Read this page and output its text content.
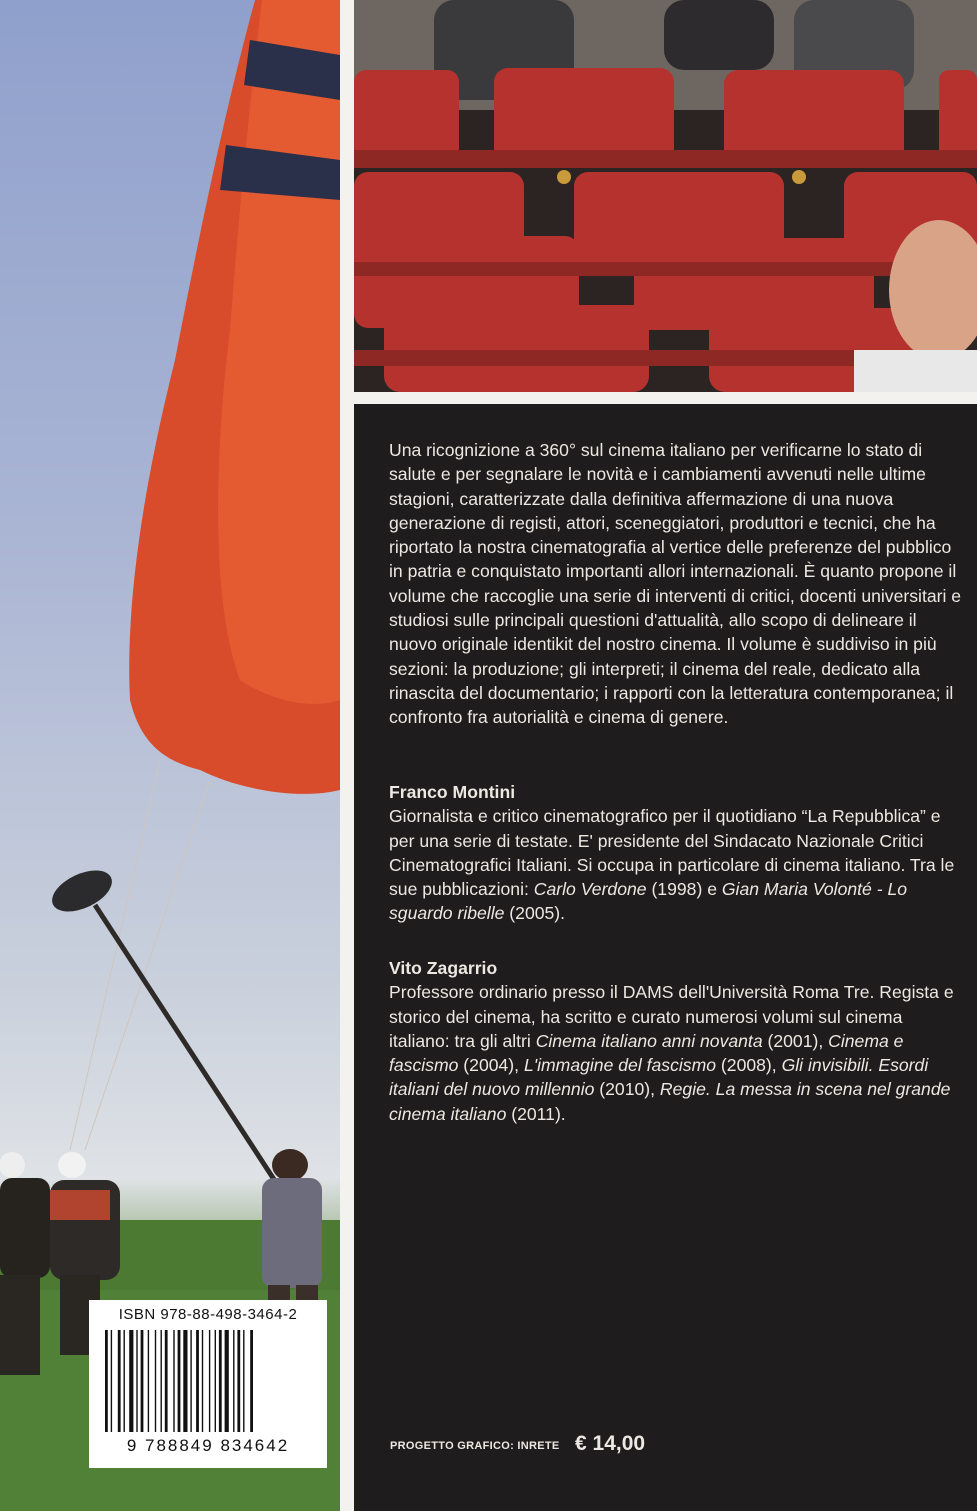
Una ricognizione a 360° sul cinema italiano per verificarne lo stato di salute e per segnalare le novità e i cambiamenti avvenuti nelle ultime stagioni, caratterizzate dalla definitiva affermazione di una nuova generazione di registi, attori, sceneggiatori, produttori e tecnici, che ha riportato la nostra cinematografia al vertice delle preferenze del pubblico in patria e conquistato importanti allori internazionali. È quanto propone il volume che raccoglie una serie di interventi di critici, docenti universitari e studiosi sulle principali questioni d'attualità, allo scopo di delineare il nuovo originale identikit del nostro cinema. Il volume è suddiviso in più sezioni: la produzione; gli interpreti; il cinema del reale, dedicato alla rinascita del documentario; i rapporti con la letteratura contemporanea; il confronto fra autorialità e cinema di genere.

Franco Montini
Giornalista e critico cinematografico per il quotidiano “La Repubblica” e per una serie di testate. E' presidente del Sindacato Nazionale Critici Cinematografici Italiani. Si occupa in particolare di cinema italiano. Tra le sue pubblicazioni: Carlo Verdone (1998) e Gian Maria Volonté - Lo sguardo ribelle (2005).
Vito Zagarrio
Professore ordinario presso il DAMS dell'Università Roma Tre. Regista e storico del cinema, ha scritto e curato numerosi volumi sul cinema italiano: tra gli altri Cinema italiano anni novanta (2001), Cinema e fascismo (2004), L'immagine del fascismo (2008), Gli invisibili. Esordi italiani del nuovo millennio (2010), Regie. La messa in scena nel grande cinema italiano (2011).
PROGETTO GRAFICO: INRETE € 14,00
ISBN 978-88-498-3464-2
9 788849 834642
